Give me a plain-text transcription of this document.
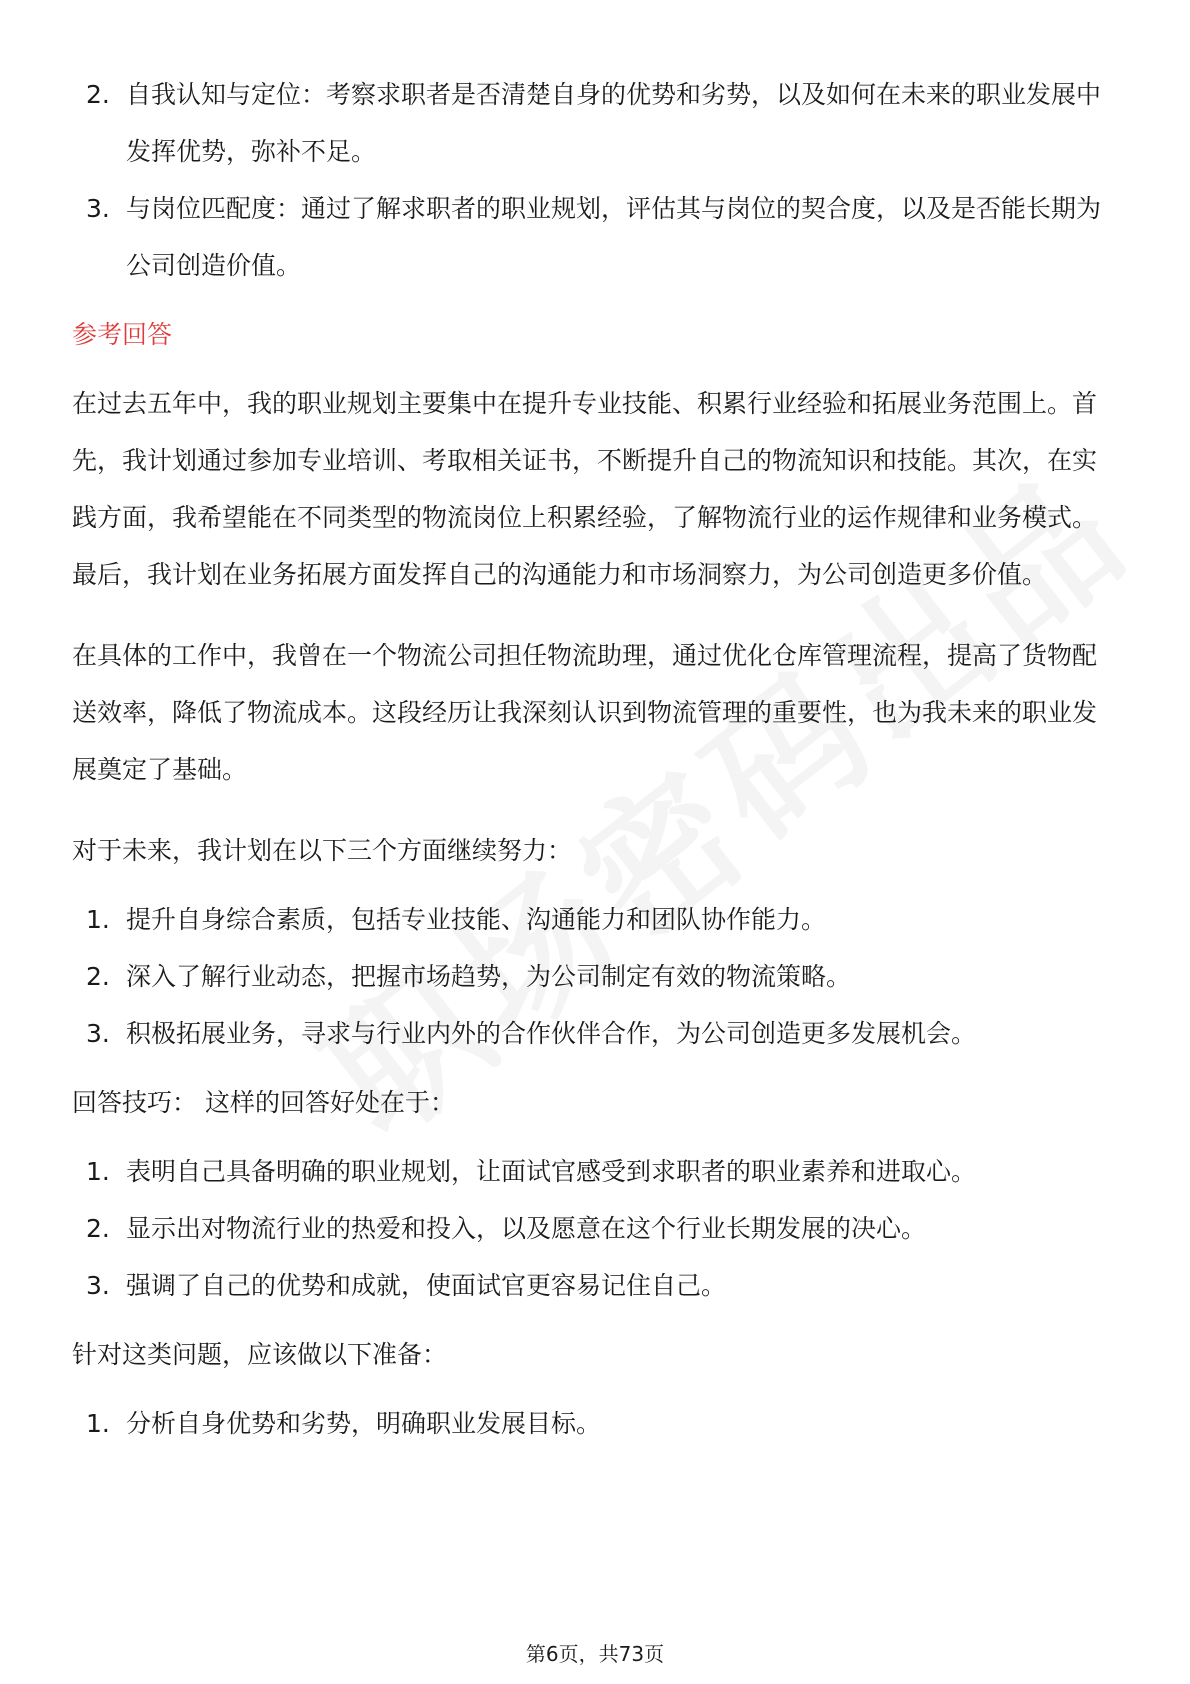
2. 自我认知与定位：考察求职者是否清楚自身的优势和劣势，以及如何在未来的职业发展中发挥优势，弥补不足。
3. 与岗位匹配度：通过了解求职者的职业规划，评估其与岗位的契合度，以及是否能长期为公司创造价值。
参考回答
在过去五年中，我的职业规划主要集中在提升专业技能、积累行业经验和拓展业务范围上。首先，我计划通过参加专业培训、考取相关证书，不断提升自己的物流知识和技能。其次，在实践方面，我希望能在不同类型的物流岗位上积累经验，了解物流行业的运作规律和业务模式。最后，我计划在业务拓展方面发挥自己的沟通能力和市场洞察力，为公司创造更多价值。
在具体的工作中，我曾在一个物流公司担任物流助理，通过优化仓库管理流程，提高了货物配送效率，降低了物流成本。这段经历让我深刻认识到物流管理的重要性，也为我未来的职业发展奠定了基础。
对于未来，我计划在以下三个方面继续努力：
1. 提升自身综合素质，包括专业技能、沟通能力和团队协作能力。
2. 深入了解行业动态，把握市场趋势，为公司制定有效的物流策略。
3. 积极拓展业务，寻求与行业内外的合作伙伴合作，为公司创造更多发展机会。
回答技巧： 这样的回答好处在于：
1. 表明自己具备明确的职业规划，让面试官感受到求职者的职业素养和进取心。
2. 显示出对物流行业的热爱和投入，以及愿意在这个行业长期发展的决心。
3. 强调了自己的优势和成就，使面试官更容易记住自己。
针对这类问题，应该做以下准备：
1. 分析自身优势和劣势，明确职业发展目标。
第6页，共73页
